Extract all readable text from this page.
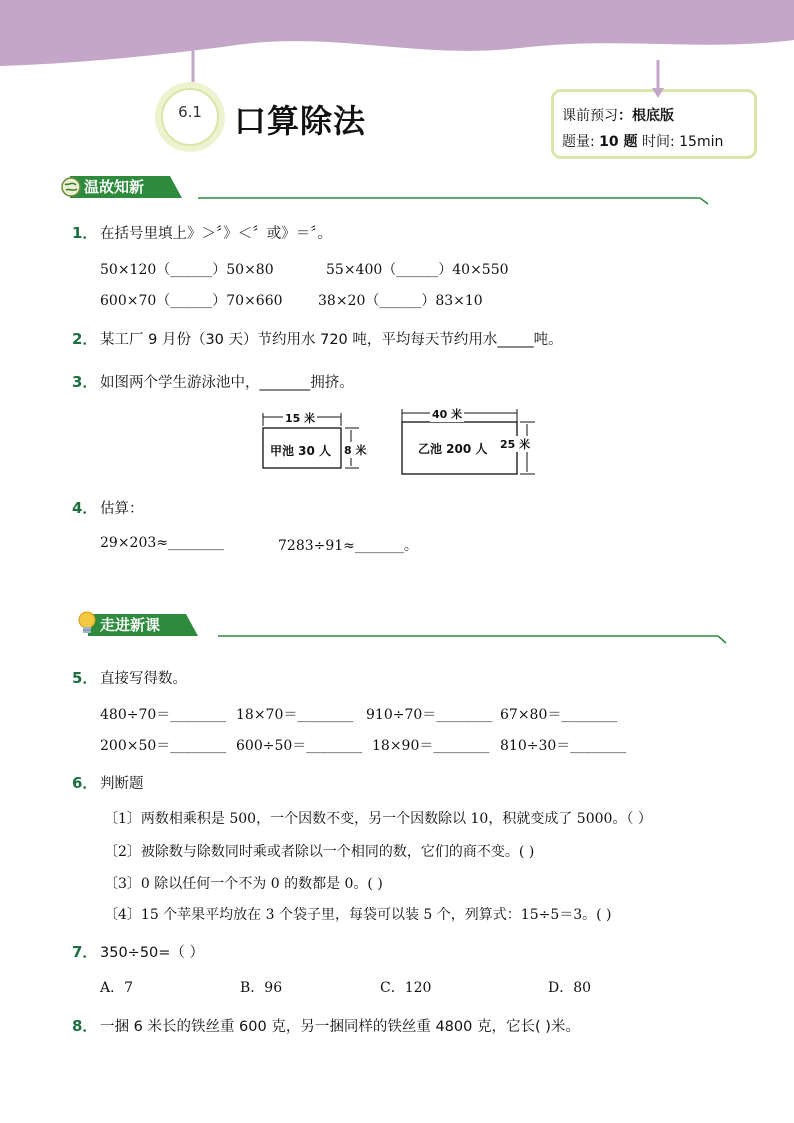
6.1	口算除法	课前预习：根底版
题量: 10 题 时间: 15min
温故知新
1． 在括号里填上》＞〞》＜〞或》＝〞。
50×120（______）50×80	55×400（______）40×550
600×70（______）70×660	38×20（______）83×10
2． 某工厂 9 月份（30 天）节约用水 720 吨，平均每天节约用水_____吨。
3． 如图两个学生游泳池中，_______拥挤。
15 米
甲池 30 人 8 米
40 米
乙池 200 人 25 米
4． 估算：
29×203≈________	7283÷91≈_______。
走进新课
5． 直接写得数。
480÷70＝________ 18×70＝________ 910÷70＝________ 67×80＝________
200×50＝________ 600÷50＝________ 18×90＝________ 810÷30＝________
6． 判断题
〔1〕两数相乘积是 500，一个因数不变，另一个因数除以 10，积就变成了 5000。（ ）
〔2〕被除数与除数同时乘或者除以一个相同的数，它们的商不变。( )
〔3〕0 除以任何一个不为 0 的数都是 0。( )
〔4〕15 个苹果平均放在 3 个袋子里，每袋可以装 5 个，列算式：15÷5＝3。( )
7． 350÷50=（ ）
A．7	B．96	C．120	D．80
8． 一捆 6 米长的铁丝重 600 克，另一捆同样的铁丝重 4800 克，它长( )米。
